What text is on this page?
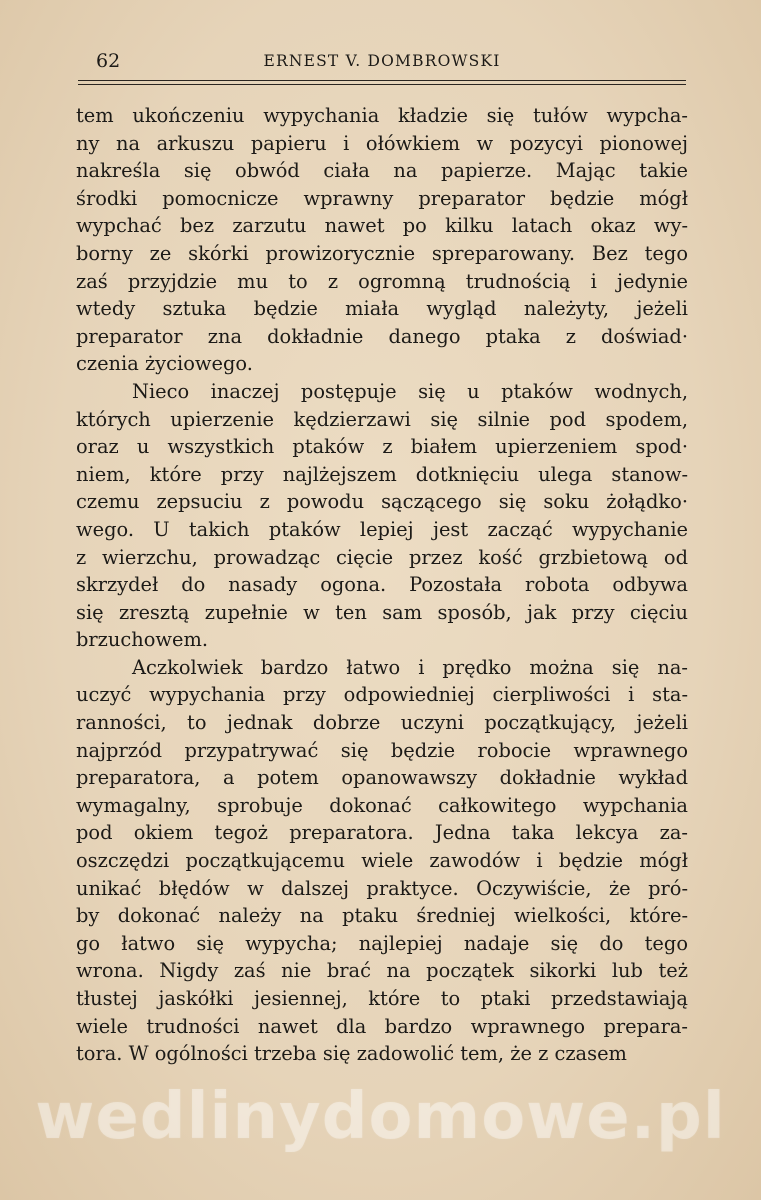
62	ERNEST V. DOMBROWSKI
tem ukończeniu wypychania kładzie się tułów wypcha-
ny na arkuszu papieru i ołówkiem w pozycyi pionowej
nakreśla się obwód ciała na papierze. Mając takie
środki pomocnicze wprawny preparator będzie mógł
wypchać bez zarzutu nawet po kilku latach okaz wy-
borny ze skórki prowizorycznie spreparowany. Bez tego
zaś przyjdzie mu to z ogromną trudnością i jedynie
wtedy sztuka będzie miała wygląd należyty, jeżeli
preparator zna dokładnie danego ptaka z doświad·
czenia życiowego.
Nieco inaczej postępuje się u ptaków wodnych,
których upierzenie kędzierzawi się silnie pod spodem,
oraz u wszystkich ptaków z białem upierzeniem spod·
niem, które przy najlżejszem dotknięciu ulega stanow-
czemu zepsuciu z powodu sączącego się soku żołądko·
wego. U takich ptaków lepiej jest zacząć wypychanie
z wierzchu, prowadząc cięcie przez kość grzbietową od
skrzydeł do nasady ogona. Pozostała robota odbywa
się zresztą zupełnie w ten sam sposób, jak przy cięciu
brzuchowem.
Aczkolwiek bardzo łatwo i prędko można się na-
uczyć wypychania przy odpowiedniej cierpliwości i sta-
ranności, to jednak dobrze uczyni początkujący, jeżeli
najprzód przypatrywać się będzie robocie wprawnego
preparatora, a potem opanowawszy dokładnie wykład
wymagalny, sprobuje dokonać całkowitego wypchania
pod okiem tegoż preparatora. Jedna taka lekcya za-
oszczędzi początkującemu wiele zawodów i będzie mógł
unikać błędów w dalszej praktyce. Oczywiście, że pró-
by dokonać należy na ptaku średniej wielkości, które-
go łatwo się wypycha; najlepiej nadaje się do tego
wrona. Nigdy zaś nie brać na początek sikorki lub też
tłustej jaskółki jesiennej, które to ptaki przedstawiają
wiele trudności nawet dla bardzo wprawnego prepara-
tora. W ogólności trzeba się zadowolić tem, że z czasem
wedlinydomowe.pl
